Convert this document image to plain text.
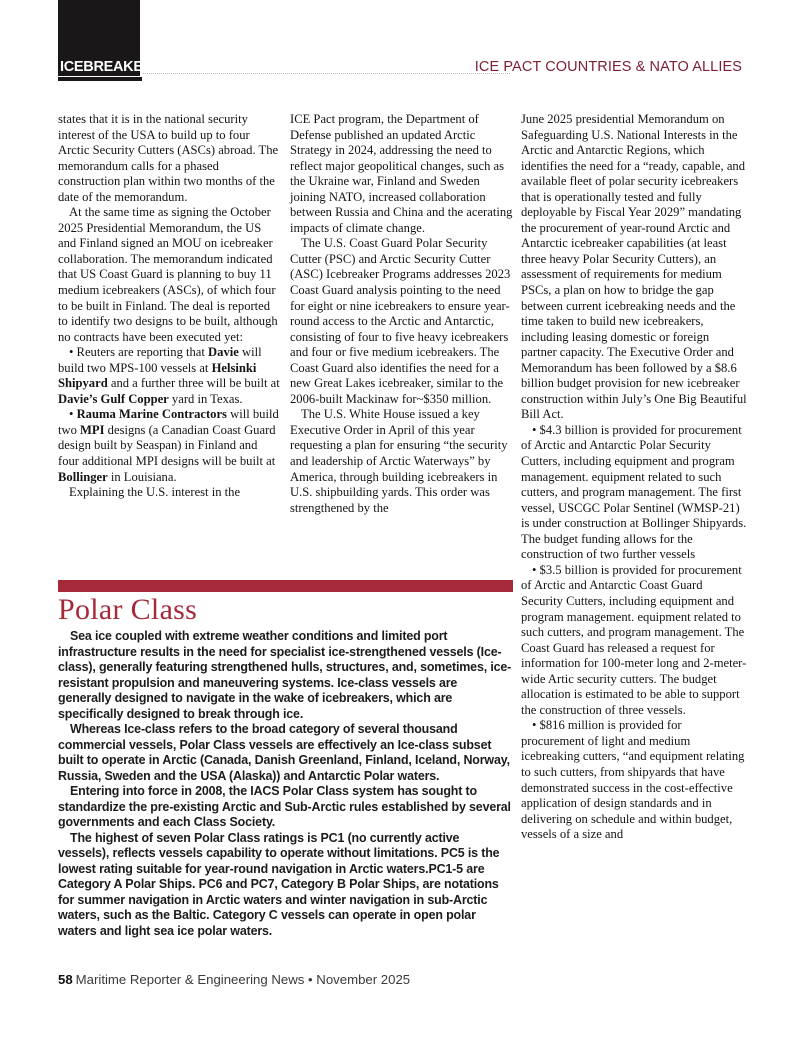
ICEBREAKERS	ICE PACT COUNTRIES & NATO ALLIES

states that it is in the national security interest of the USA to build up to four Arctic Security Cutters (ASCs) abroad. The memorandum calls for a phased construction plan within two months of the date of the memorandum.

At the same time as signing the October 2025 Presidential Memorandum, the US and Finland signed an MOU on icebreaker collaboration. The memorandum indicated that US Coast Guard is planning to buy 11 medium icebreakers (ASCs), of which four to be built in Finland. The deal is reported to identify two designs to be built, although no contracts have been executed yet:

• Reuters are reporting that Davie will build two MPS-100 vessels at Helsinki Shipyard and a further three will be built at Davie’s Gulf Copper yard in Texas.

• Rauma Marine Contractors will build two MPI designs (a Canadian Coast Guard design built by Seaspan) in Finland and four additional MPI designs will be built at Bollinger in Louisiana.

Explaining the U.S. interest in the

ICE Pact program, the Department of Defense published an updated Arctic Strategy in 2024, addressing the need to reflect major geopolitical changes, such as the Ukraine war, Finland and Sweden joining NATO, increased collaboration between Russia and China and the acerating impacts of climate change.

The U.S. Coast Guard Polar Security Cutter (PSC) and Arctic Security Cutter (ASC) Icebreaker Programs addresses 2023 Coast Guard analysis pointing to the need for eight or nine icebreakers to ensure year-round access to the Arctic and Antarctic, consisting of four to five heavy icebreakers and four or five medium icebreakers. The Coast Guard also identifies the need for a new Great Lakes icebreaker, similar to the 2006-built Mackinaw for~$350 million.

The U.S. White House issued a key Executive Order in April of this year requesting a plan for ensuring “the security and leadership of Arctic Waterways” by America, through building icebreakers in U.S. shipbuilding yards. This order was strengthened by the

June 2025 presidential Memorandum on Safeguarding U.S. National Interests in the Arctic and Antarctic Regions, which identifies the need for a “ready, capable, and available fleet of polar security icebreakers that is operationally tested and fully deployable by Fiscal Year 2029” mandating the procurement of year-round Arctic and Antarctic icebreaker capabilities (at least three heavy Polar Security Cutters), an assessment of requirements for medium PSCs, a plan on how to bridge the gap between current icebreaking needs and the time taken to build new icebreakers, including leasing domestic or foreign partner capacity. The Executive Order and Memorandum has been followed by a $8.6 billion budget provision for new icebreaker construction within July’s One Big Beautiful Bill Act.

• $4.3 billion is provided for procurement of Arctic and Antarctic Polar Security Cutters, including equipment and program management. equipment related to such cutters, and program management. The first vessel, USCGC Polar Sentinel (WMSP-21) is under construction at Bollinger Shipyards. The budget funding allows for the construction of two further vessels

• $3.5 billion is provided for procurement of Arctic and Antarctic Coast Guard Security Cutters, including equipment and program management. equipment related to such cutters, and program management. The Coast Guard has released a request for information for 100-meter long and 2-meter-wide Artic security cutters. The budget allocation is estimated to be able to support the construction of three vessels.

• $816 million is provided for procurement of light and medium icebreaking cutters, “and equipment relating to such cutters, from shipyards that have demonstrated success in the cost-effective application of design standards and in delivering on schedule and within budget, vessels of a size and

Polar Class

Sea ice coupled with extreme weather conditions and limited port infrastructure results in the need for specialist ice-strengthened vessels (Ice-class), generally featuring strengthened hulls, structures, and, sometimes, ice-resistant propulsion and maneuvering systems. Ice-class vessels are generally designed to navigate in the wake of icebreakers, which are specifically designed to break through ice.

Whereas Ice-class refers to the broad category of several thousand commercial vessels, Polar Class vessels are effectively an Ice-class subset built to operate in Arctic (Canada, Danish Greenland, Finland, Iceland, Norway, Russia, Sweden and the USA (Alaska)) and Antarctic Polar waters.

Entering into force in 2008, the IACS Polar Class system has sought to standardize the pre-existing Arctic and Sub-Arctic rules established by several governments and each Class Society.

The highest of seven Polar Class ratings is PC1 (no currently active vessels), reflects vessels capability to operate without limitations. PC5 is the lowest rating suitable for year-round navigation in Arctic waters.PC1-5 are Category A Polar Ships. PC6 and PC7, Category B Polar Ships, are notations for summer navigation in Arctic waters and winter navigation in sub-Arctic waters, such as the Baltic. Category C vessels can operate in open polar waters and light sea ice polar waters.

58 Maritime Reporter & Engineering News • November 2025
